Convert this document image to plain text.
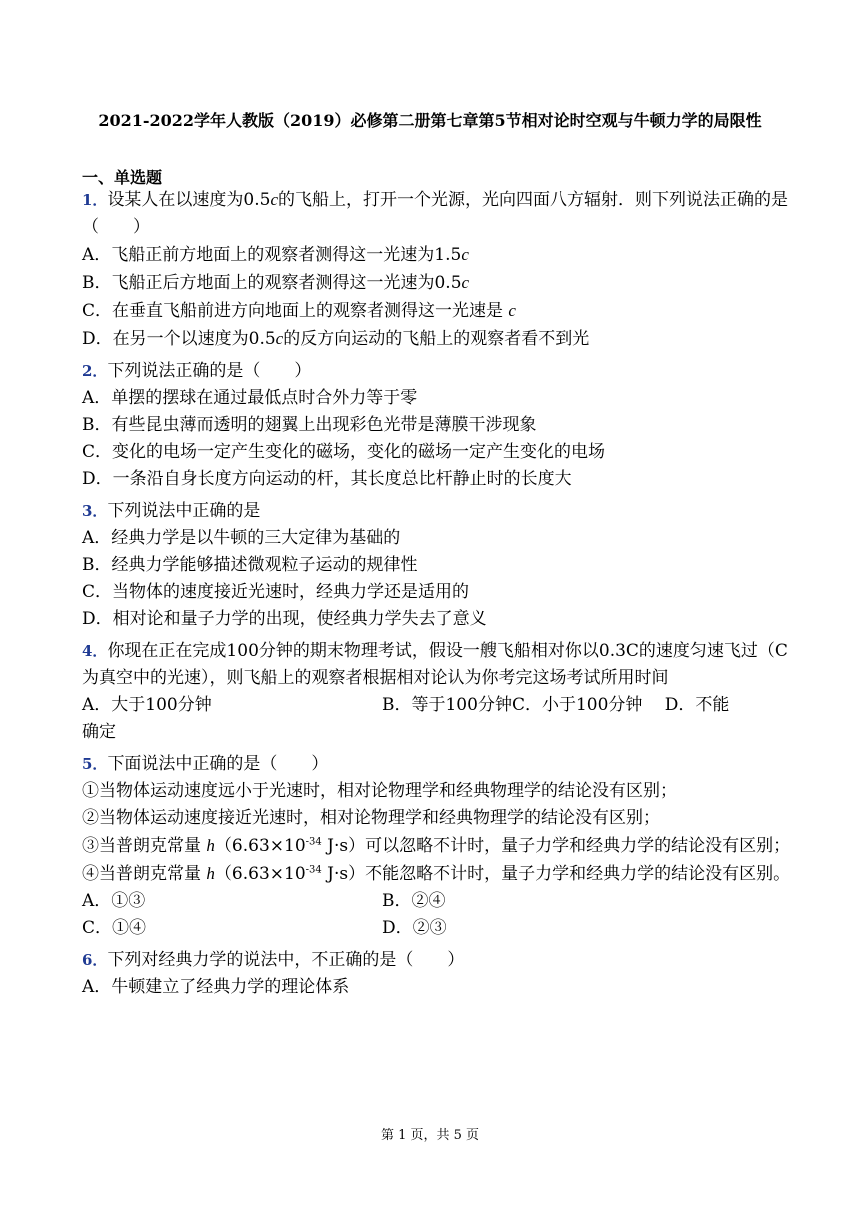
2021-2022学年人教版（2019）必修第二册第七章第5节相对论时空观与牛顿力学的局限性
一、单选题
1．设某人在以速度为0.5c的飞船上，打开一个光源，光向四面八方辐射．则下列说法正确的是（　　）
A．飞船正前方地面上的观察者测得这一光速为1.5c
B．飞船正后方地面上的观察者测得这一光速为0.5c
C．在垂直飞船前进方向地面上的观察者测得这一光速是 c
D．在另一个以速度为0.5c的反方向运动的飞船上的观察者看不到光
2．下列说法正确的是（　　）
A．单摆的摆球在通过最低点时合外力等于零
B．有些昆虫薄而透明的翅翼上出现彩色光带是薄膜干涉现象
C．变化的电场一定产生变化的磁场，变化的磁场一定产生变化的电场
D．一条沿自身长度方向运动的杆，其长度总比杆静止时的长度大
3．下列说法中正确的是
A．经典力学是以牛顿的三大定律为基础的
B．经典力学能够描述微观粒子运动的规律性
C．当物体的速度接近光速时，经典力学还是适用的
D．相对论和量子力学的出现，使经典力学失去了意义
4．你现在正在完成100分钟的期末物理考试，假设一艘飞船相对你以0.3C的速度匀速飞过（C为真空中的光速），则飞船上的观察者根据相对论认为你考完这场考试所用时间
A．大于100分钟	B．等于100分钟C．小于100分钟　 D．不能
确定
5．下面说法中正确的是（　　）
①当物体运动速度远小于光速时，相对论物理学和经典物理学的结论没有区别；
②当物体运动速度接近光速时，相对论物理学和经典物理学的结论没有区别；
③当普朗克常量 $h(6.63\times 10^{-34}$ J·s）可以忽略不计时，量子力学和经典力学的结论没有区别；
④当普朗克常量 $h(6.63\times 10^{-34}$ J·s）不能忽略不计时，量子力学和经典力学的结论没有区别。
A．①③	B．②④
C．①④	D．②③
6．下列对经典力学的说法中，不正确的是（　　）
A．牛顿建立了经典力学的理论体系
第 1 页，共 5 页
